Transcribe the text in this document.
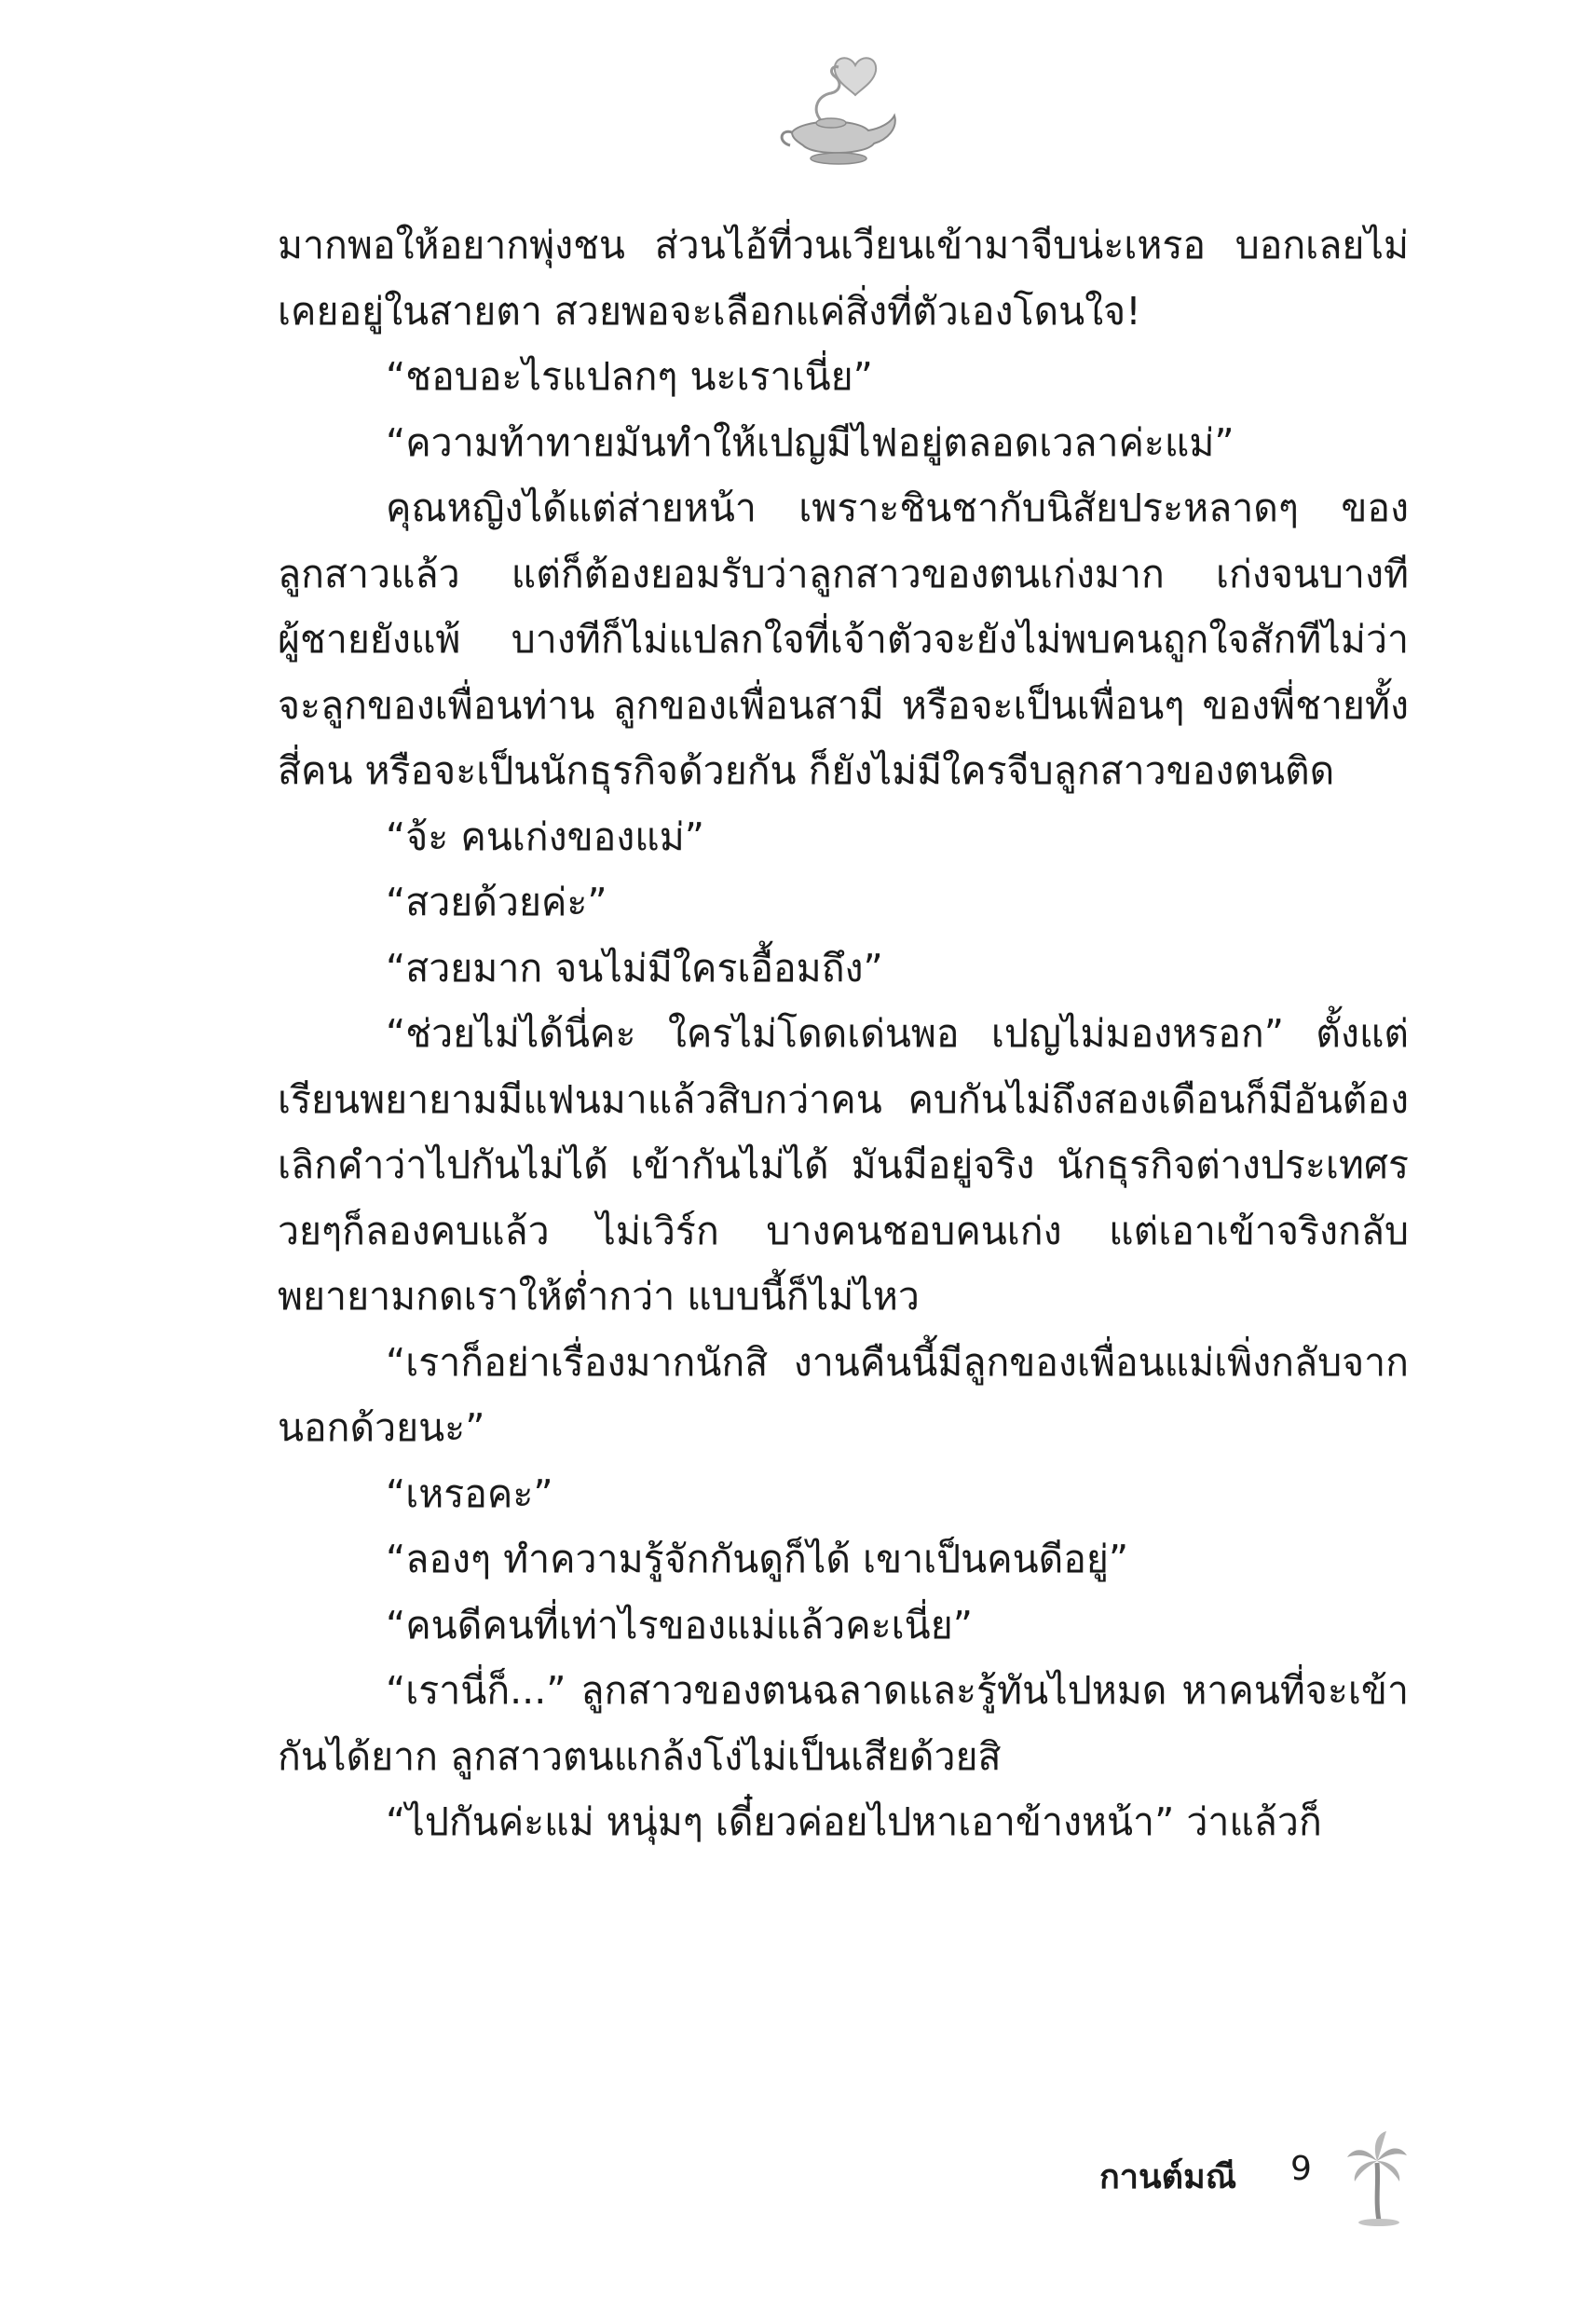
มากพอให้อยากพุ่งชน ส่วนไอ้ที่วนเวียนเข้ามาจีบน่ะเหรอ บอกเลยไม่เคยอยู่ในสายตา สวยพอจะเลือกแค่สิ่งที่ตัวเองโดนใจ!

“ชอบอะไรแปลกๆ นะเราเนี่ย”

“ความท้าทายมันทำให้เปญมีไฟอยู่ตลอดเวลาค่ะแม่”

คุณหญิงได้แต่ส่ายหน้า เพราะชินชากับนิสัยประหลาดๆ ของลูกสาวแล้ว แต่ก็ต้องยอมรับว่าลูกสาวของตนเก่งมาก เก่งจนบางทีผู้ชายยังแพ้ บางทีก็ไม่แปลกใจที่เจ้าตัวจะยังไม่พบคนถูกใจสักทีไม่ว่าจะลูกของเพื่อนท่าน ลูกของเพื่อนสามี หรือจะเป็นเพื่อนๆ ของพี่ชายทั้งสี่คน หรือจะเป็นนักธุรกิจด้วยกัน ก็ยังไม่มีใครจีบลูกสาวของตนติด

“จ้ะ คนเก่งของแม่”

“สวยด้วยค่ะ”

“สวยมาก จนไม่มีใครเอื้อมถึง”

“ช่วยไม่ได้นี่คะ ใครไม่โดดเด่นพอ เปญไม่มองหรอก” ตั้งแต่เรียนพยายามมีแฟนมาแล้วสิบกว่าคน คบกันไม่ถึงสองเดือนก็มีอันต้องเลิกคำว่าไปกันไม่ได้ เข้ากันไม่ได้ มันมีอยู่จริง นักธุรกิจต่างประเทศรวยๆก็ลองคบแล้ว ไม่เวิร์ก บางคนชอบคนเก่ง แต่เอาเข้าจริงกลับพยายามกดเราให้ต่ำกว่า แบบนี้ก็ไม่ไหว

“เราก็อย่าเรื่องมากนักสิ งานคืนนี้มีลูกของเพื่อนแม่เพิ่งกลับจากนอกด้วยนะ”

“เหรอคะ”

“ลองๆ ทำความรู้จักกันดูก็ได้ เขาเป็นคนดีอยู่”

“คนดีคนที่เท่าไรของแม่แล้วคะเนี่ย”

“เรานี่ก็...” ลูกสาวของตนฉลาดและรู้ทันไปหมด หาคนที่จะเข้ากันได้ยาก ลูกสาวตนแกล้งโง่ไม่เป็นเสียด้วยสิ

“ไปกันค่ะแม่ หนุ่มๆ เดี๋ยวค่อยไปหาเอาข้างหน้า” ว่าแล้วก็

กานต์มณี 9
